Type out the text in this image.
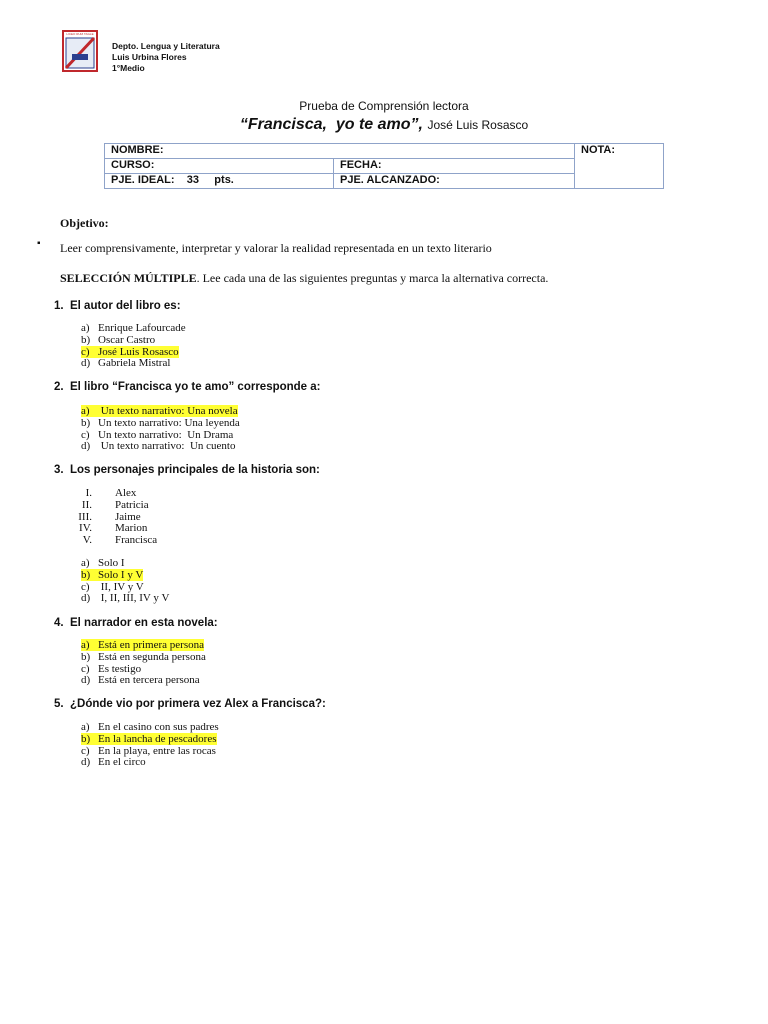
LICEO RUIZ TAGLE
Depto. Lengua y Literatura
Luis Urbina Flores
1°Medio
Prueba de Comprensión lectora
“Francisca,  yo te amo”, José Luis Rosasco
NOMBRE:		NOTA:
CURSO:	FECHA:	
PJE. IDEAL:    33     pts.	PJE. ALCANZADO:	
Objetivo:
▪ Leer comprensivamente, interpretar y valorar la realidad representada en un texto literario
SELECCIÓN MÚLTIPLE. Lee cada una de las siguientes preguntas y marca la alternativa correcta.
1. El autor del libro es:
a) Enrique Lafourcade
b) Oscar Castro
c) José Luis Rosasco
d) Gabriela Mistral
2. El libro “Francisca yo te amo” corresponde a:
a) Un texto narrativo: Una novela
b) Un texto narrativo: Una leyenda
c) Un texto narrativo:  Un Drama
d) Un texto narrativo:  Un cuento
3. Los personajes principales de la historia son:
I. Alex
II. Patricia
III. Jaime
IV. Marion
V. Francisca
a) Solo I
b) Solo I y V
c) II, IV y V
d) I, II, III, IV y V
4. El narrador en esta novela:
a) Está en primera persona
b) Está en segunda persona
c) Es testigo
d) Está en tercera persona
5. ¿Dónde vio por primera vez Alex a Francisca?:
a) En el casino con sus padres
b) En la lancha de pescadores
c) En la playa, entre las rocas
d) En el circo
